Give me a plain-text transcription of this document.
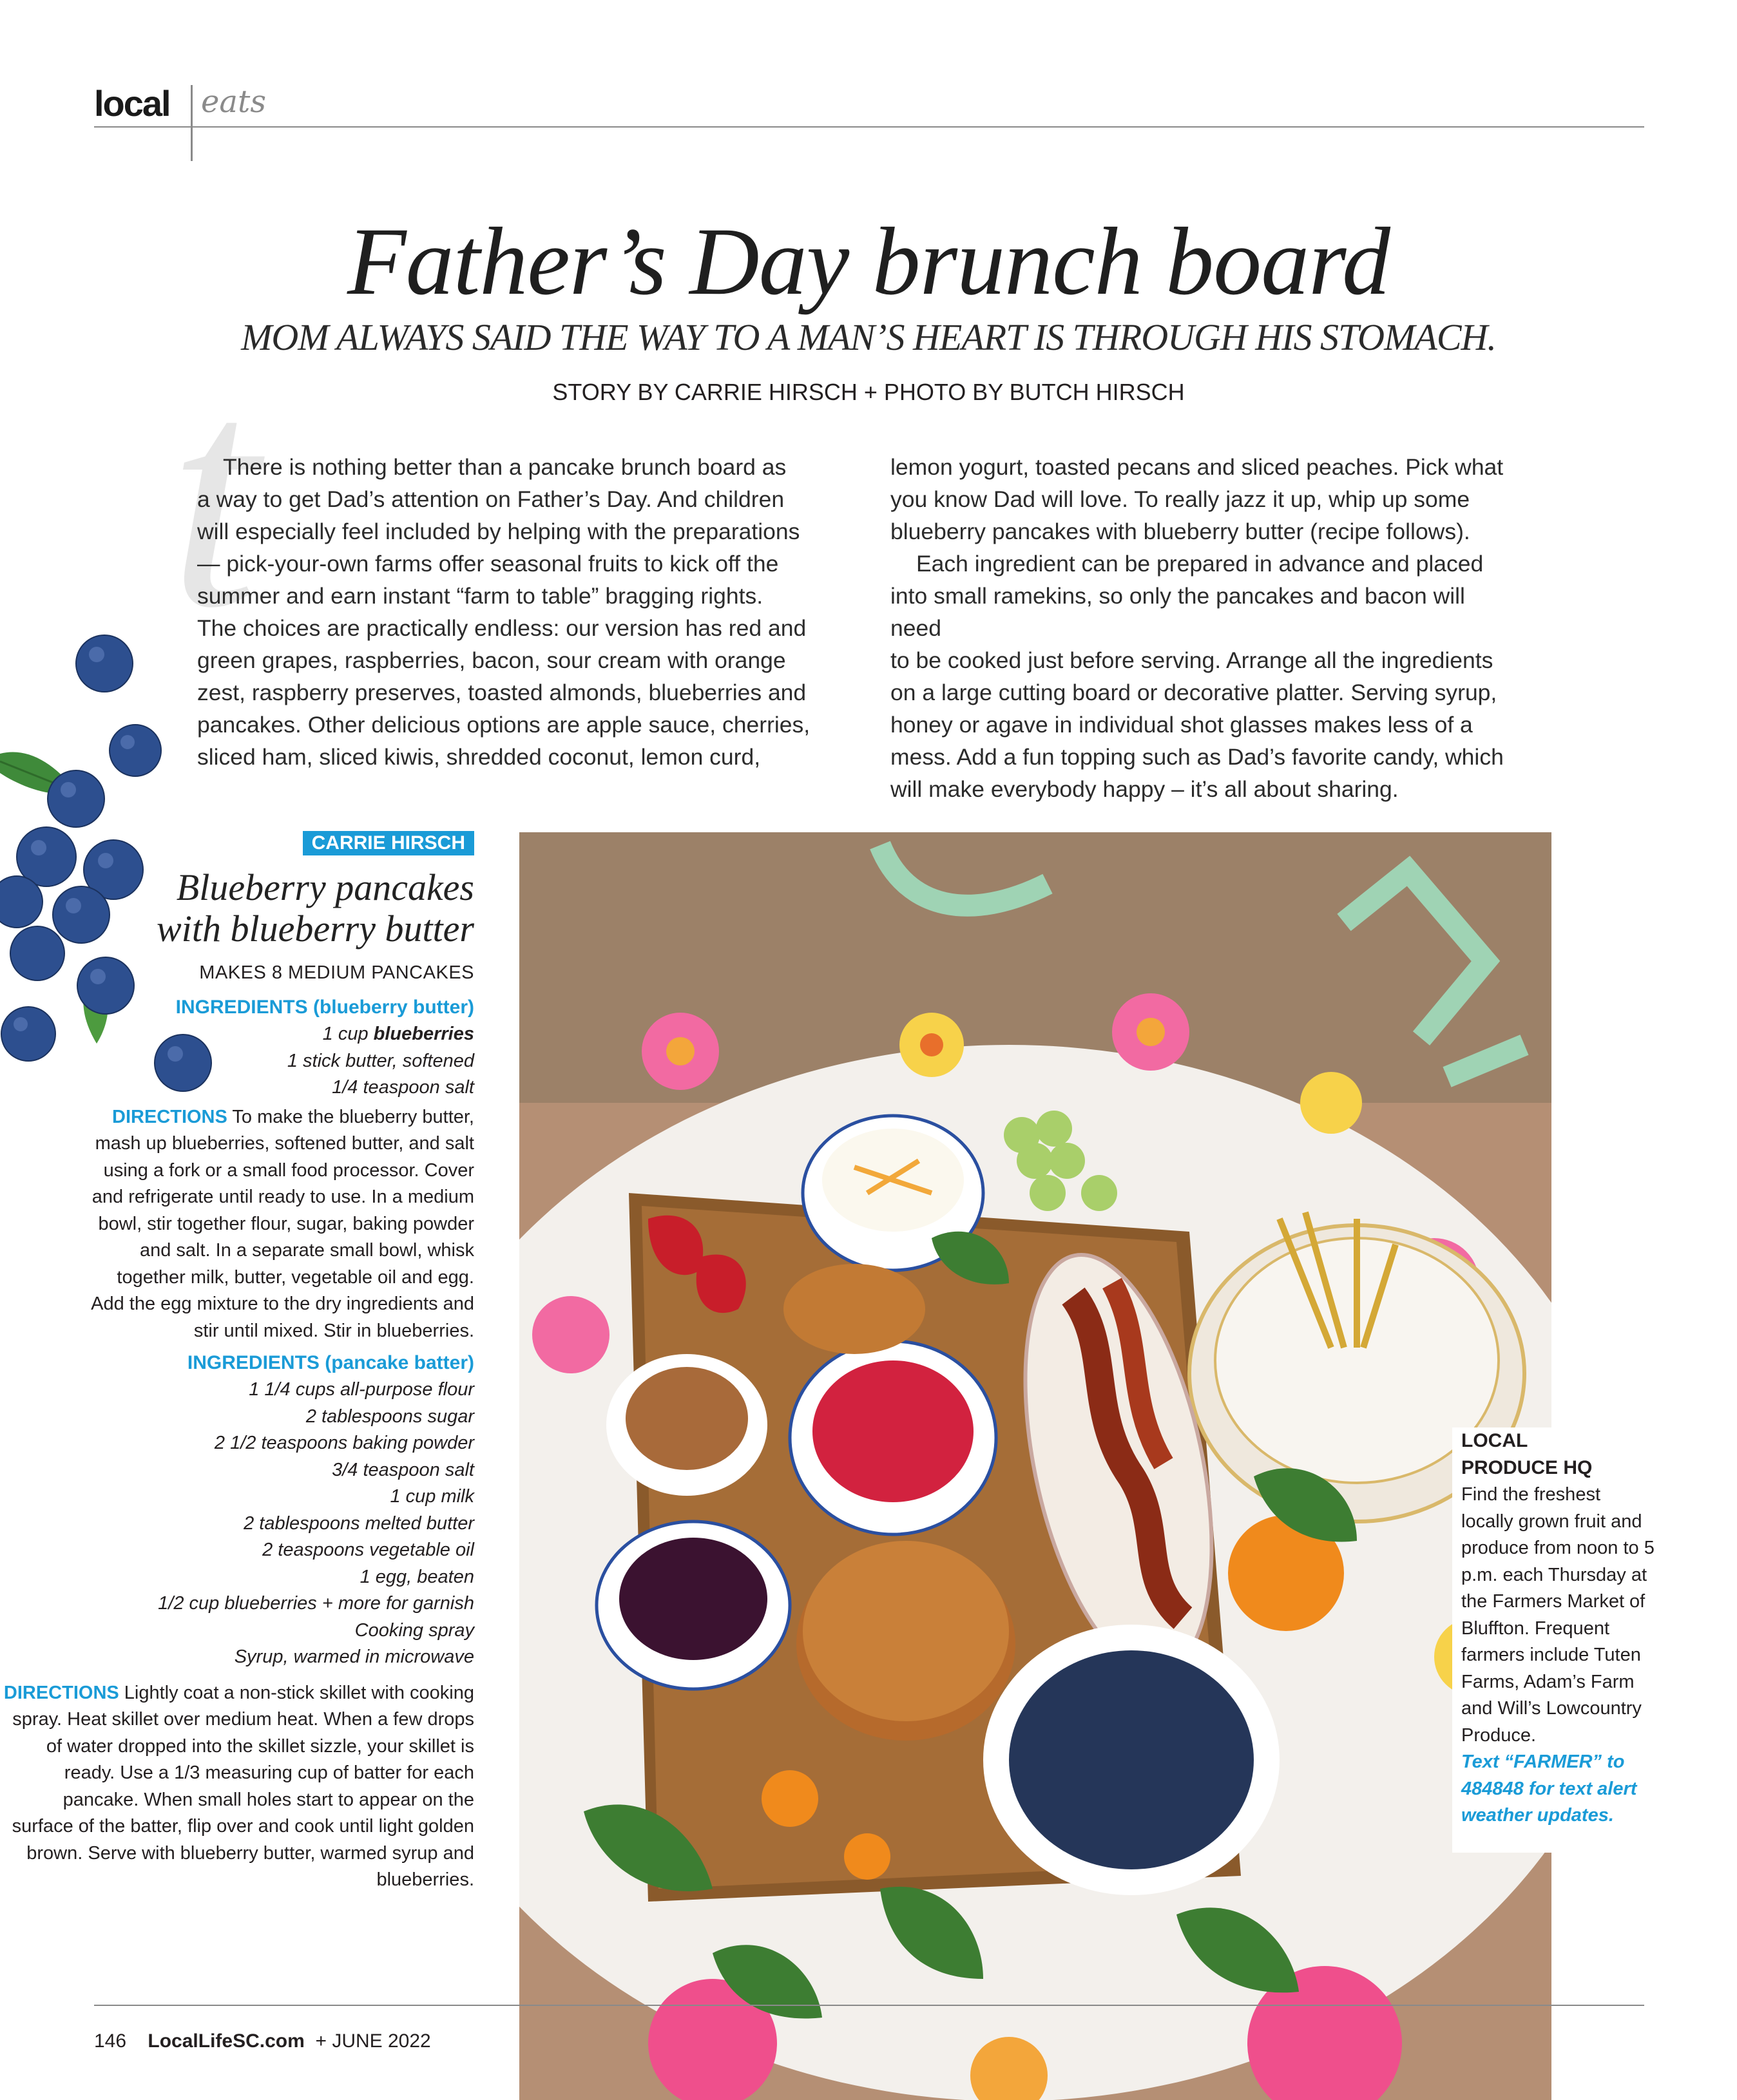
local eats
t
Father’s Day brunch board
MOM ALWAYS SAID THE WAY TO A MAN’S HEART IS THROUGH HIS STOMACH.
STORY BY CARRIE HIRSCH + PHOTO BY BUTCH HIRSCH
There is nothing better than a pancake brunch board as
a way to get Dad’s attention on Father’s Day. And children
will especially feel included by helping with the preparations
— pick-your-own farms offer seasonal fruits to kick off the
summer and earn instant “farm to table” bragging rights.
The choices are practically endless: our version has red and
green grapes, raspberries, bacon, sour cream with orange
zest, raspberry preserves, toasted almonds, blueberries and
pancakes. Other delicious options are apple sauce, cherries,
sliced ham, sliced kiwis, shredded coconut, lemon curd,
lemon yogurt, toasted pecans and sliced peaches. Pick what
you know Dad will love. To really jazz it up, whip up some
blueberry pancakes with blueberry butter (recipe follows).
Each ingredient can be prepared in advance and placed
into small ramekins, so only the pancakes and bacon will need
to be cooked just before serving. Arrange all the ingredients
on a large cutting board or decorative platter. Serving syrup,
honey or agave in individual shot glasses makes less of a
mess. Add a fun topping such as Dad’s favorite candy, which
will make everybody happy – it’s all about sharing.
CARRIE HIRSCH
Blueberry pancakes
with blueberry butter
MAKES 8 MEDIUM PANCAKES
INGREDIENTS (blueberry butter)
1 cup blueberries
1 stick butter, softened
1/4 teaspoon salt
DIRECTIONS To make the blueberry butter, mash up blueberries, softened butter, and salt using a fork or a small food processor. Cover and refrigerate until ready to use. In a medium bowl, stir together flour, sugar, baking powder and salt. In a separate small bowl, whisk together milk, butter, vegetable oil and egg. Add the egg mixture to the dry ingredients and stir until mixed. Stir in blueberries.
INGREDIENTS (pancake batter)
1 1/4 cups all-purpose flour
2 tablespoons sugar
2 1/2 teaspoons baking powder
3/4 teaspoon salt
1 cup milk
2 tablespoons melted butter
2 teaspoons vegetable oil
1 egg, beaten
1/2 cup blueberries + more for garnish
Cooking spray
Syrup, warmed in microwave
DIRECTIONS Lightly coat a non-stick skillet with cooking spray. Heat skillet over medium heat. When a few drops of water dropped into the skillet sizzle, your skillet is ready. Use a 1/3 measuring cup of batter for each pancake. When small holes start to appear on the surface of the batter, flip over and cook until light golden brown. Serve with blueberry butter, warmed syrup and blueberries.
LOCAL
PRODUCE HQ
Find the freshest locally grown fruit and produce from noon to 5 p.m. each Thursday at the Farmers Market of Bluffton. Frequent farmers include Tuten Farms, Adam’s Farm and Will’s Lowcountry Produce.
Text “FARMER” to 484848 for text alert weather updates.
146 LocalLifeSC.com + JUNE 2022
